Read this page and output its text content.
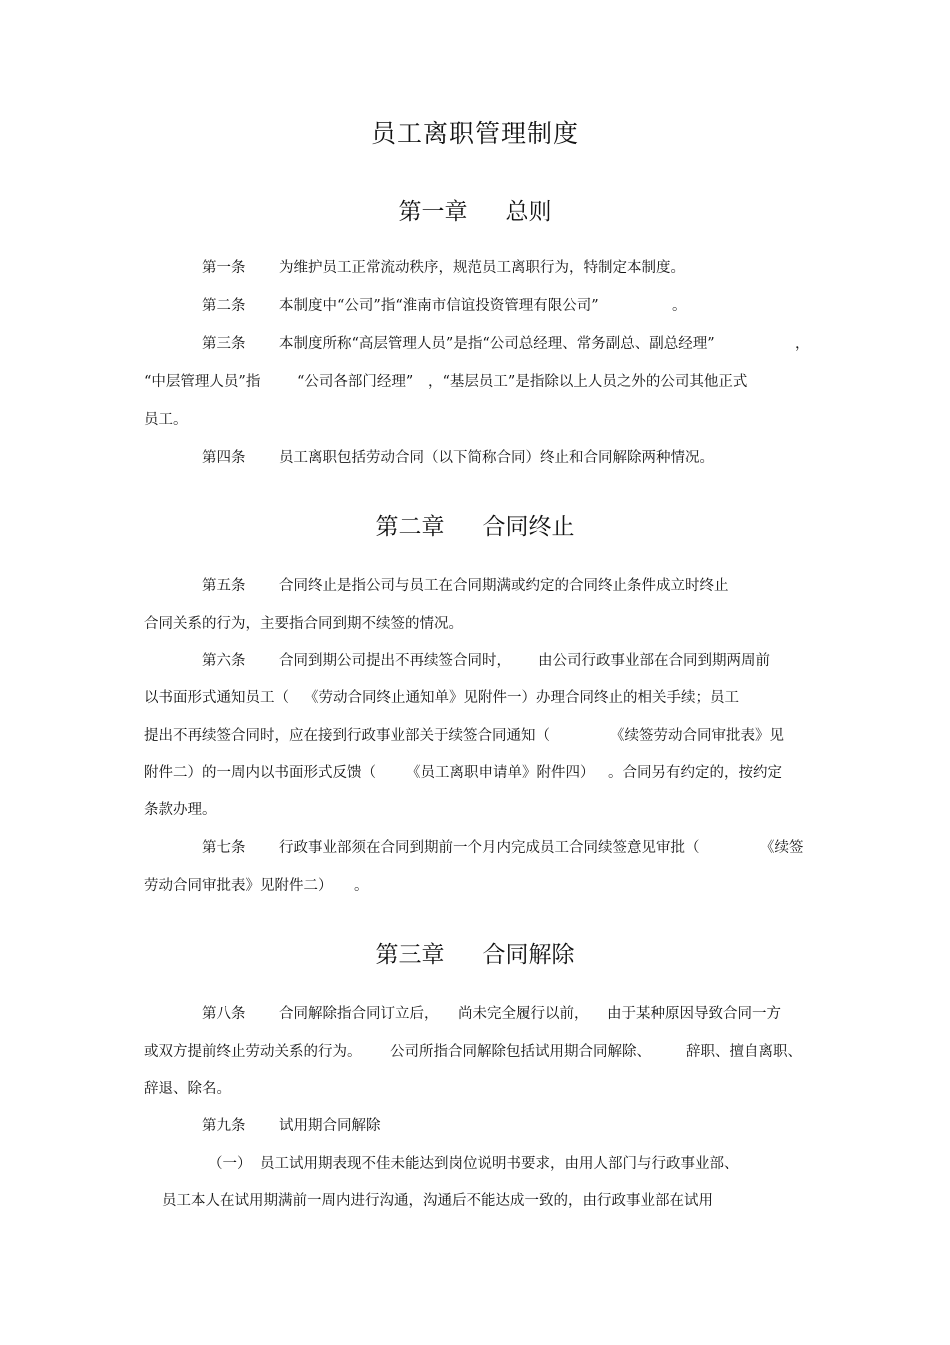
员工离职管理制度
第一章 总则
第一条 为维护员工正常流动秩序，规范员工离职行为，特制定本制度。
第二条 本制度中“公司”指“淮南市信谊投资管理有限公司”	。
第三条 本制度所称“高层管理人员”是指“公司总经理、常务副总、副总经理”	，
“中层管理人员”指	“公司各部门经理” ，“基层员工”是指除以上人员之外的公司其他正式
员工。
第四条 员工离职包括劳动合同（以下简称合同）终止和合同解除两种情况。
第二章 合同终止
第五条 合同终止是指公司与员工在合同期满或约定的合同终止条件成立时终止
合同关系的行为，主要指合同到期不续签的情况。
第六条 合同到期公司提出不再续签合同时， 由公司行政事业部在合同到期两周前
以书面形式通知员工（ 《劳动合同终止通知单》见附件一）办理合同终止的相关手续；员工
提出不再续签合同时，应在接到行政事业部关于续签合同通知（	《续签劳动合同审批表》见
附件二）的一周内以书面形式反馈（ 《员工离职申请单》附件四） 。合同另有约定的，按约定
条款办理。
第七条 行政事业部须在合同到期前一个月内完成员工合同续签意见审批（	《续签
劳动合同审批表》见附件二） 。
第三章 合同解除
第八条 合同解除指合同订立后， 尚未完全履行以前， 由于某种原因导致合同一方
或双方提前终止劳动关系的行为。 公司所指合同解除包括试用期合同解除、 辞职、擅自离职、
辞退、除名。
第九条 试用期合同解除
（一） 员工试用期表现不佳未能达到岗位说明书要求，由用人部门与行政事业部、
员工本人在试用期满前一周内进行沟通，沟通后不能达成一致的，由行政事业部在试用
